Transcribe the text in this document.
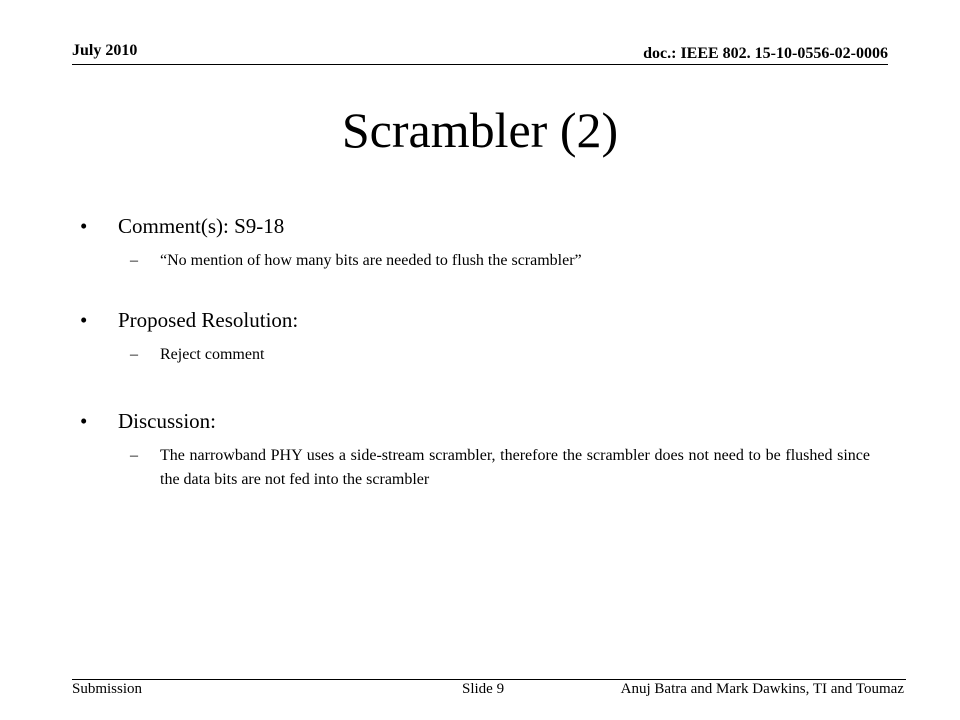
July 2010	doc.: IEEE 802. 15-10-0556-02-0006
Scrambler (2)
• Comment(s): S9-18
– “No mention of how many bits are needed to flush the scrambler”
• Proposed Resolution:
– Reject comment
• Discussion:
– The narrowband PHY uses a side-stream scrambler, therefore the scrambler does not need to be flushed since the data bits are not fed into the scrambler
Submission	Slide 9	Anuj Batra and Mark Dawkins, TI and Toumaz
